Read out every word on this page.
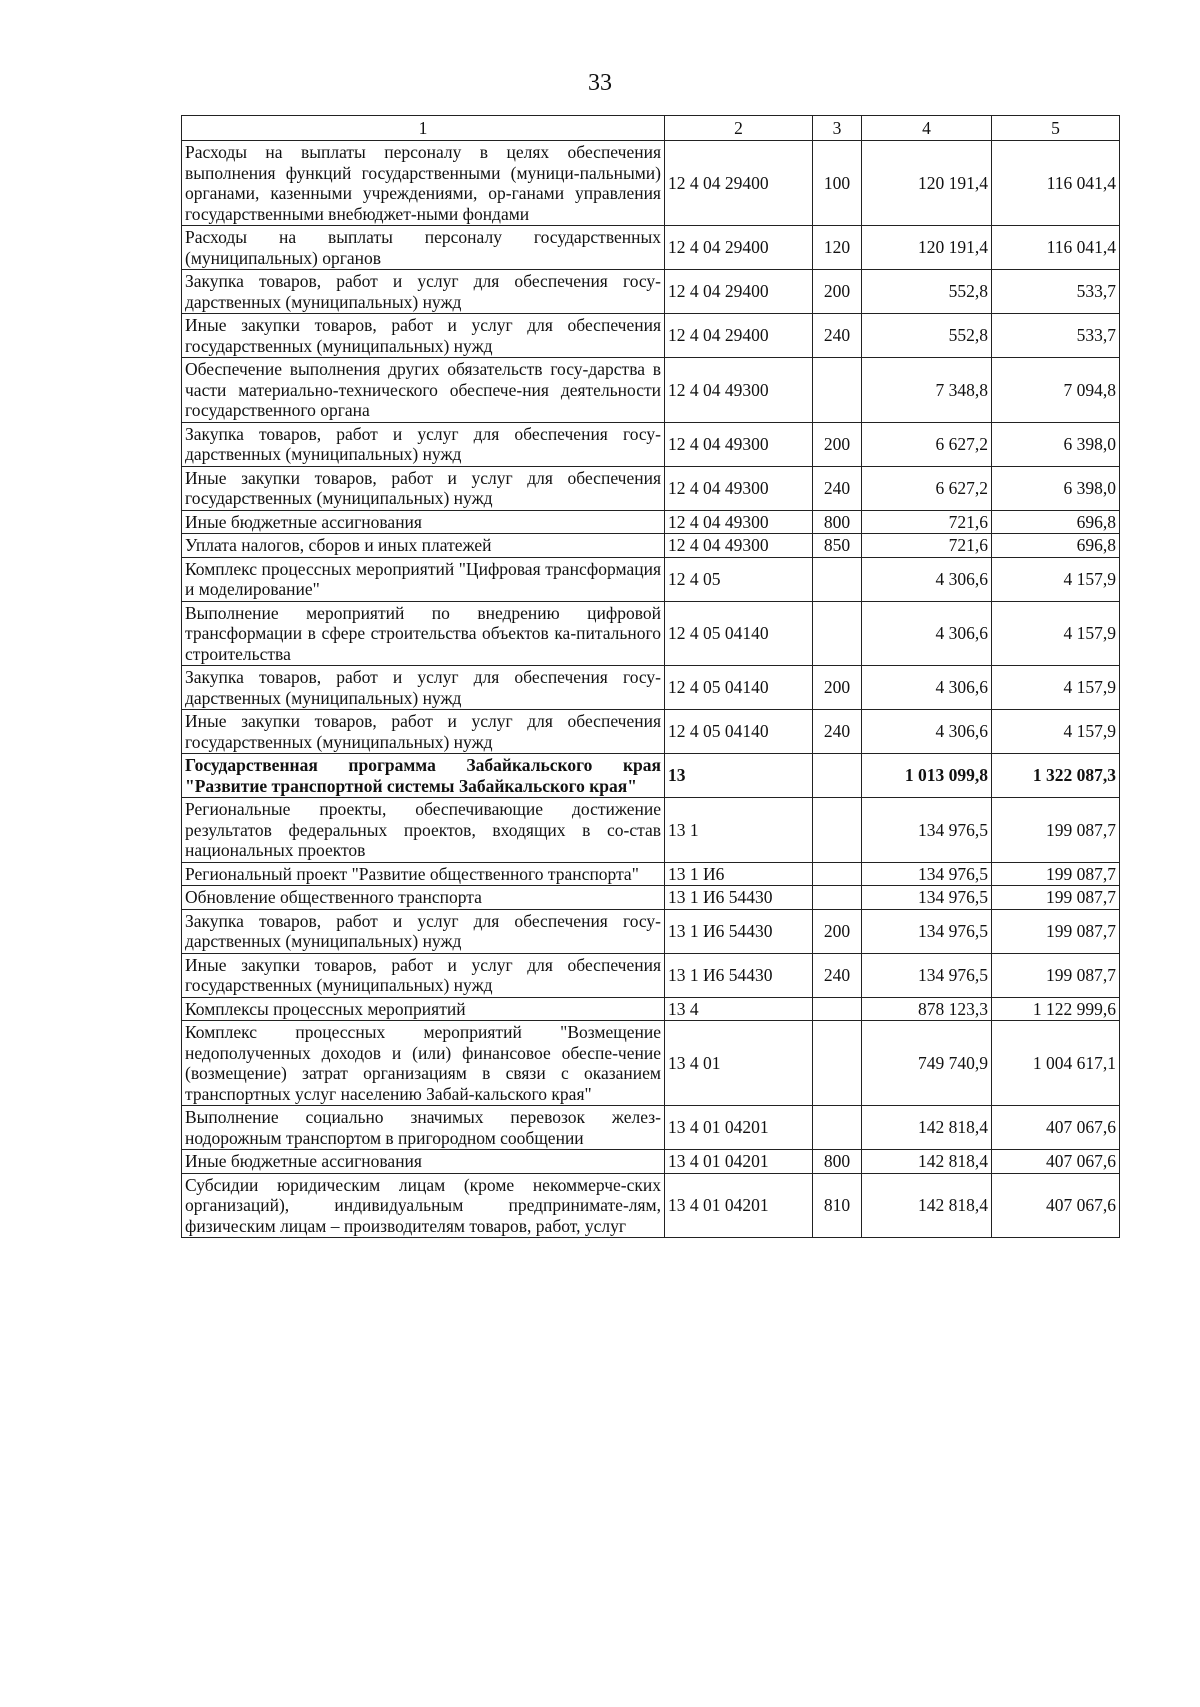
33
1	2	3	4	5
Расходы на выплаты персоналу в целях обеспечения выполнения функций государственными (муници-пальными) органами, казенными учреждениями, ор-ганами управления государственными внебюджет-ными фондами	12 4 04 29400	100	120 191,4	116 041,4
Расходы на выплаты персоналу государственных (муниципальных) органов	12 4 04 29400	120	120 191,4	116 041,4
Закупка товаров, работ и услуг для обеспечения госу-дарственных (муниципальных) нужд	12 4 04 29400	200	552,8	533,7
Иные закупки товаров, работ и услуг для обеспечения государственных (муниципальных) нужд	12 4 04 29400	240	552,8	533,7
Обеспечение выполнения других обязательств госу-дарства в части материально-технического обеспече-ния деятельности государственного органа	12 4 04 49300		7 348,8	7 094,8
Закупка товаров, работ и услуг для обеспечения госу-дарственных (муниципальных) нужд	12 4 04 49300	200	6 627,2	6 398,0
Иные закупки товаров, работ и услуг для обеспечения государственных (муниципальных) нужд	12 4 04 49300	240	6 627,2	6 398,0
Иные бюджетные ассигнования	12 4 04 49300	800	721,6	696,8
Уплата налогов, сборов и иных платежей	12 4 04 49300	850	721,6	696,8
Комплекс процессных мероприятий "Цифровая трансформация и моделирование"	12 4 05		4 306,6	4 157,9
Выполнение мероприятий по внедрению цифровой трансформации в сфере строительства объектов ка-питального строительства	12 4 05 04140		4 306,6	4 157,9
Закупка товаров, работ и услуг для обеспечения госу-дарственных (муниципальных) нужд	12 4 05 04140	200	4 306,6	4 157,9
Иные закупки товаров, работ и услуг для обеспечения государственных (муниципальных) нужд	12 4 05 04140	240	4 306,6	4 157,9
Государственная программа Забайкальского края "Развитие транспортной системы Забайкальского края"	13		1 013 099,8	1 322 087,3
Региональные проекты, обеспечивающие достижение результатов федеральных проектов, входящих в со-став национальных проектов	13 1		134 976,5	199 087,7
Региональный проект "Развитие общественного транспорта"	13 1 И6		134 976,5	199 087,7
Обновление общественного транспорта	13 1 И6 54430		134 976,5	199 087,7
Закупка товаров, работ и услуг для обеспечения госу-дарственных (муниципальных) нужд	13 1 И6 54430	200	134 976,5	199 087,7
Иные закупки товаров, работ и услуг для обеспечения государственных (муниципальных) нужд	13 1 И6 54430	240	134 976,5	199 087,7
Комплексы процессных мероприятий	13 4		878 123,3	1 122 999,6
Комплекс процессных мероприятий "Возмещение недополученных доходов и (или) финансовое обеспе-чение (возмещение) затрат организациям в связи с оказанием транспортных услуг населению Забай-кальского края"	13 4 01		749 740,9	1 004 617,1
Выполнение социально значимых перевозок желез-нодорожным транспортом в пригородном сообщении	13 4 01 04201		142 818,4	407 067,6
Иные бюджетные ассигнования	13 4 01 04201	800	142 818,4	407 067,6
Субсидии юридическим лицам (кроме некоммерче-ских организаций), индивидуальным предпринимате-лям, физическим лицам – производителям товаров, работ, услуг	13 4 01 04201	810	142 818,4	407 067,6
